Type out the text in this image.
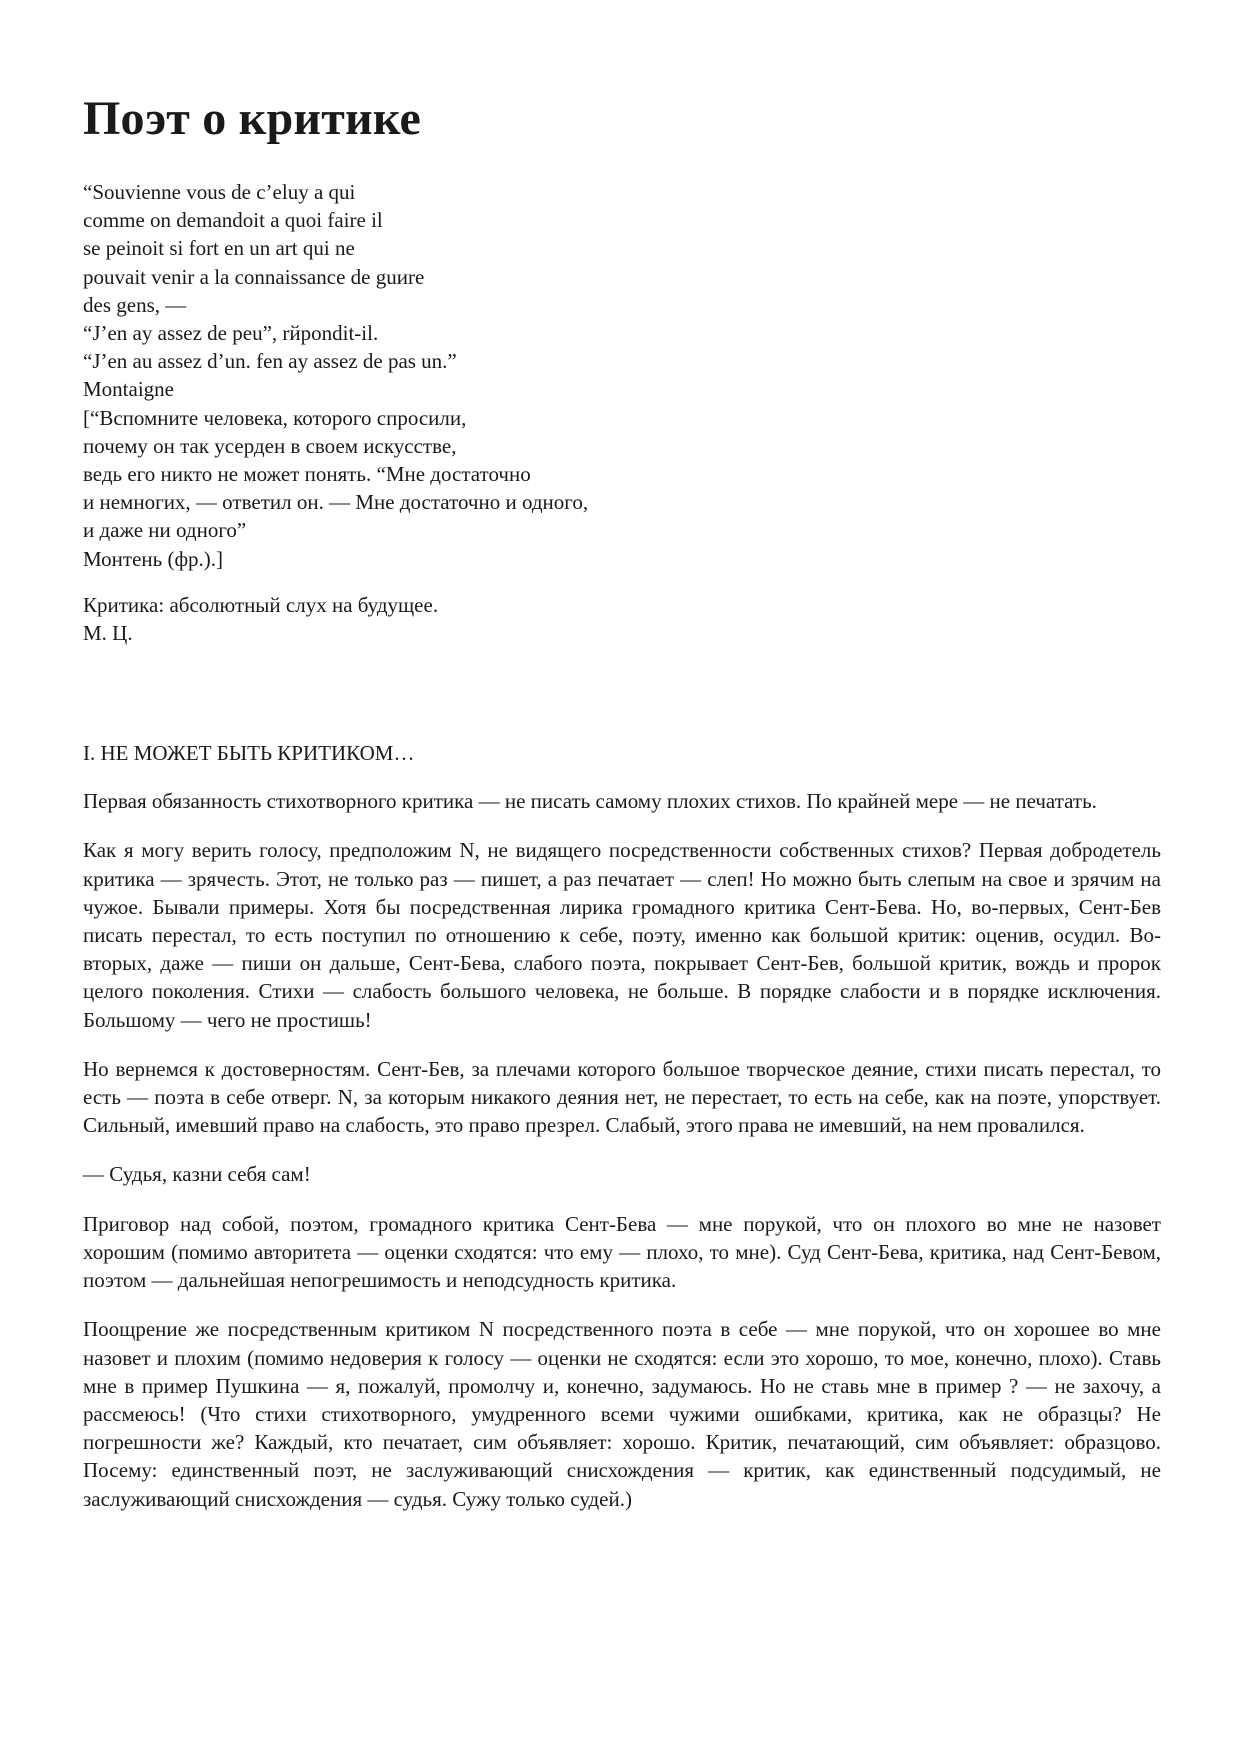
Поэт о критике
“Souvienne vous de c’eluy a qui
comme on demandoit a quoi faire il
se peinoit si fort en un art qui ne
pouvait venir a la connaissance de guиre
des gens, —
“J’en ay assez de peu”, rйpondit-il.
“J’en au assez d’un. fen ay assez de pas un.”
Montaigne
[“Вспомните человека, которого спросили,
почему он так усерден в своем искусстве,
ведь его никто не может понять. “Мне достаточно
и немногих, — ответил он. — Мне достаточно и одного,
и даже ни одного”
Монтень (фр.).]
Критика: абсолютный слух на будущее.
М. Ц.
I. НЕ МОЖЕТ БЫТЬ КРИТИКОМ…

Первая обязанность стихотворного критика — не писать самому плохих стихов. По крайней мере — не печатать.

Как я могу верить голосу, предположим N, не видящего посредственности собственных стихов? Первая добродетель критика — зрячесть. Этот, не только раз — пишет, а раз печатает — слеп! Но можно быть слепым на свое и зрячим на чужое. Бывали примеры. Хотя бы посредственная лирика громадного критика Сент-Бева. Но, во-первых, Сент-Бев писать перестал, то есть поступил по отношению к себе, поэту, именно как большой критик: оценив, осудил. Во-вторых, даже — пиши он дальше, Сент-Бева, слабого поэта, покрывает Сент-Бев, большой критик, вождь и пророк целого поколения. Стихи — слабость большого человека, не больше. В порядке слабости и в порядке исключения. Большому — чего не простишь!

Но вернемся к достоверностям. Сент-Бев, за плечами которого большое творческое деяние, стихи писать перестал, то есть — поэта в себе отверг. N, за которым никакого деяния нет, не перестает, то есть на себе, как на поэте, упорствует. Сильный, имевший право на слабость, это право презрел. Слабый, этого права не имевший, на нем провалился.

— Судья, казни себя сам!

Приговор над собой, поэтом, громадного критика Сент-Бева — мне порукой, что он плохого во мне не назовет хорошим (помимо авторитета — оценки сходятся: что ему — плохо, то мне). Суд Сент-Бева, критика, над Сент-Бевом, поэтом — дальнейшая непогрешимость и неподсудность критика.

Поощрение же посредственным критиком N посредственного поэта в себе — мне порукой, что он хорошее во мне назовет и плохим (помимо недоверия к голосу — оценки не сходятся: если это хорошо, то мое, конечно, плохо). Ставь мне в пример Пушкина — я, пожалуй, промолчу и, конечно, задумаюсь. Но не ставь мне в пример ? — не захочу, а рассмеюсь! (Что стихи стихотворного, умудренного всеми чужими ошибками, критика, как не образцы? Не погрешности же? Каждый, кто печатает, сим объявляет: хорошо. Критик, печатающий, сим объявляет: образцово. Посему: единственный поэт, не заслуживающий снисхождения — критик, как единственный подсудимый, не заслуживающий снисхождения — судья. Сужу только судей.)
